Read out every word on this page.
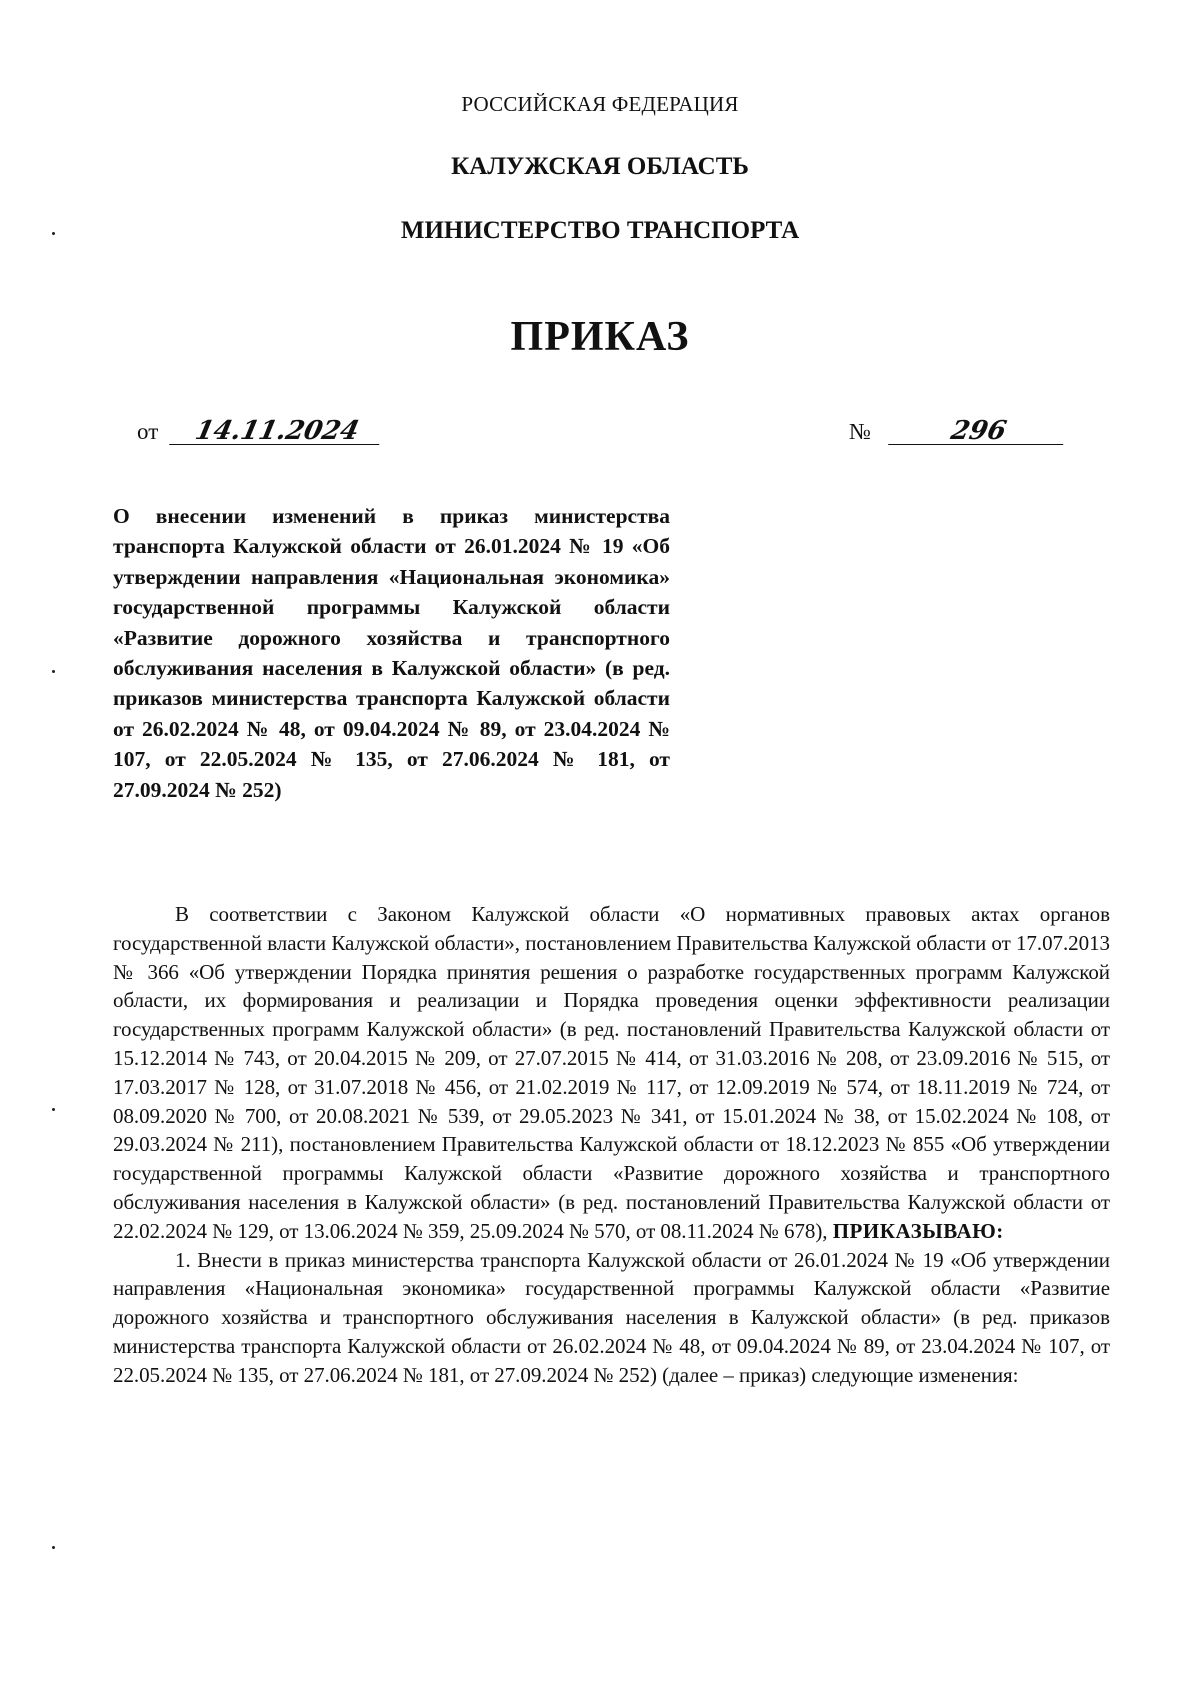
РОССИЙСКАЯ ФЕДЕРАЦИЯ
КАЛУЖСКАЯ ОБЛАСТЬ
МИНИСТЕРСТВО ТРАНСПОРТА
ПРИКАЗ
от 14.11.2024	№	296
О внесении изменений в приказ министерства транспорта Калужской области от 26.01.2024 № 19 «Об утверждении направления «Национальная экономика» государственной программы Калужской области «Развитие дорожного хозяйства и транспортного обслуживания населения в Калужской области» (в ред. приказов министерства транспорта Калужской области от 26.02.2024 № 48, от 09.04.2024 № 89, от 23.04.2024 № 107, от 22.05.2024 № 135, от 27.06.2024 № 181, от 27.09.2024 № 252)

В соответствии с Законом Калужской области «О нормативных правовых актах органов государственной власти Калужской области», постановлением Правительства Калужской области от 17.07.2013 № 366 «Об утверждении Порядка принятия решения о разработке государственных программ Калужской области, их формирования и реализации и Порядка проведения оценки эффективности реализации государственных программ Калужской области» (в ред. постановлений Правительства Калужской области от 15.12.2014 № 743, от 20.04.2015 № 209, от 27.07.2015 № 414, от 31.03.2016 № 208, от 23.09.2016 № 515, от 17.03.2017 № 128, от 31.07.2018 № 456, от 21.02.2019 № 117, от 12.09.2019 № 574, от 18.11.2019 № 724, от 08.09.2020 № 700, от 20.08.2021 № 539, от 29.05.2023 № 341, от 15.01.2024 № 38, от 15.02.2024 № 108, от 29.03.2024 № 211), постановлением Правительства Калужской области от 18.12.2023 № 855 «Об утверждении государственной программы Калужской области «Развитие дорожного хозяйства и транспортного обслуживания населения в Калужской области» (в ред. постановлений Правительства Калужской области от 22.02.2024 № 129, от 13.06.2024 № 359, 25.09.2024 № 570, от 08.11.2024 № 678), ПРИКАЗЫВАЮ:

1. Внести в приказ министерства транспорта Калужской области от 26.01.2024 № 19 «Об утверждении направления «Национальная экономика» государственной программы Калужской области «Развитие дорожного хозяйства и транспортного обслуживания населения в Калужской области» (в ред. приказов министерства транспорта Калужской области от 26.02.2024 № 48, от 09.04.2024 № 89, от 23.04.2024 № 107, от 22.05.2024 № 135, от 27.06.2024 № 181, от 27.09.2024 № 252) (далее – приказ) следующие изменения:
